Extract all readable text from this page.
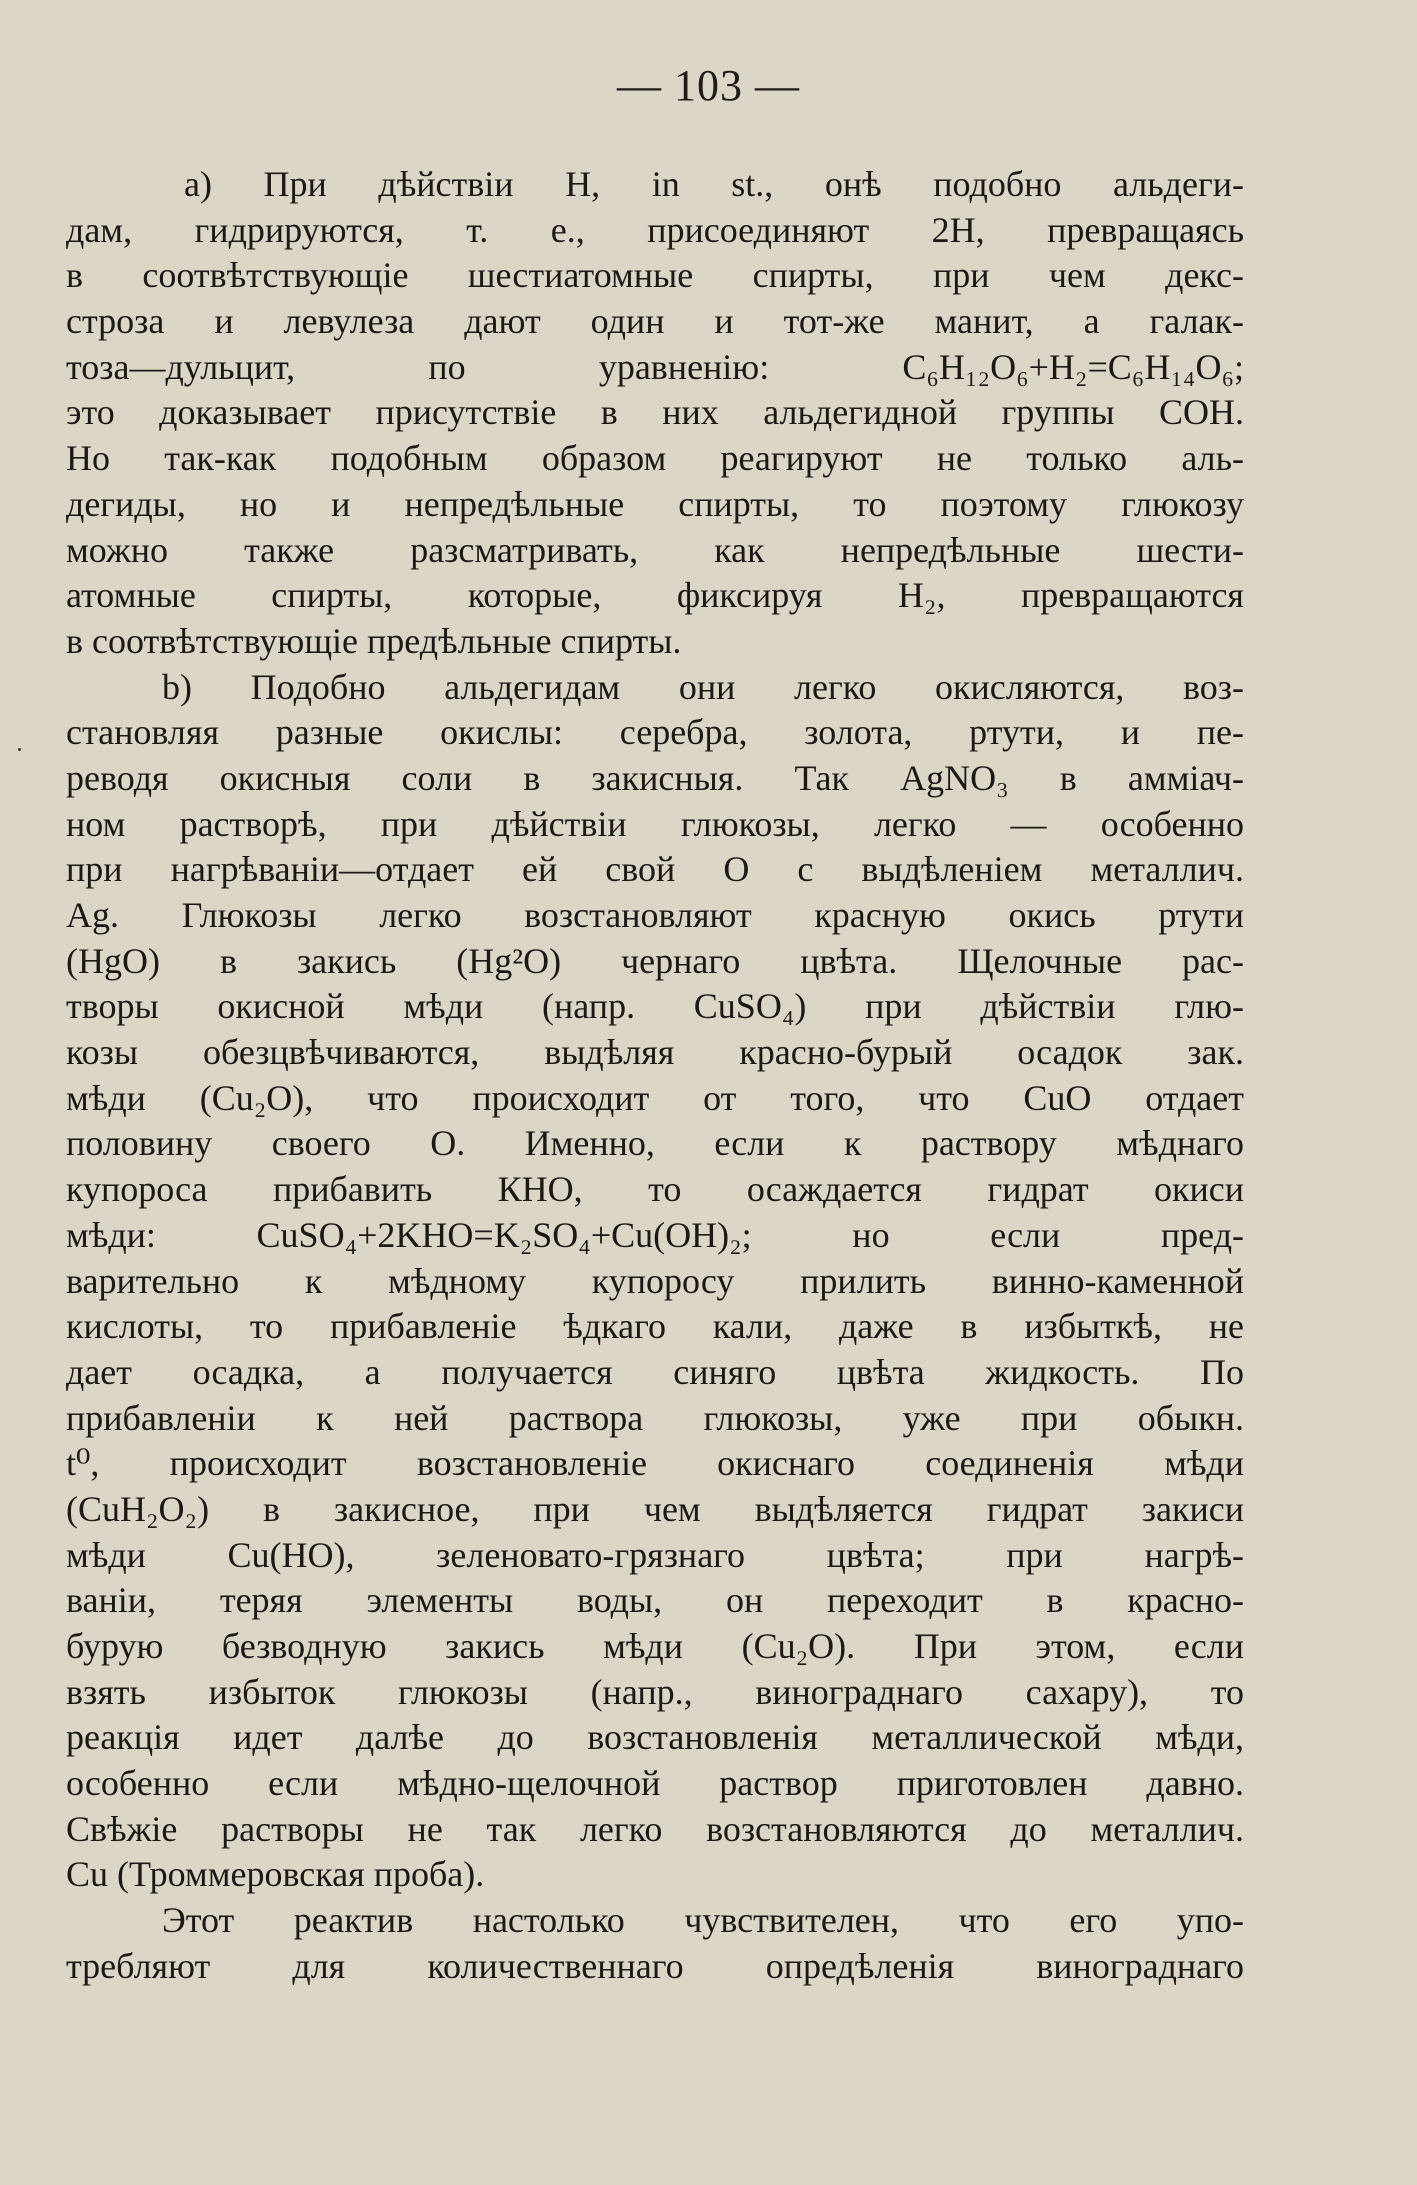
— 103 —
a) При дѣйствіи Н, in st., онѣ подобно альдеги-
дам, гидрируются, т. е., присоединяют 2Н, превращаясь
в соотвѣтствующіе шестиатомные спирты, при чем декс-
строза и левулеза дают один и тот-же манит, а галак-
тоза—дульцит, по уравненію: C₆H₁₂O₆+H₂=C₆H₁₄O₆;
это доказывает присутствіе в них альдегидной группы СОН.
Но так-как подобным образом реагируют не только аль-
дегиды, но и непредѣльные спирты, то поэтому глюкозу
можно также разсматривать, как непредѣльные шести-
атомные спирты, которые, фиксируя Н₂, превращаются
в соотвѣтствующіе предѣльные спирты.
b) Подобно альдегидам они легко окисляются, воз-
становляя разные окислы: серебра, золота, ртути, и пе-
реводя окисныя соли в закисныя. Так AgNO₃ в амміач-
ном растворѣ, при дѣйствіи глюкозы, легко — особенно
при нагрѣваніи—отдает ей свой О с выдѣленіем металлич.
Ag. Глюкозы легко возстановляют красную окись ртути
(HgO) в закись (Hg²O) чернаго цвѣта. Щелочные рас-
творы окисной мѣди (напр. CuSO₄) при дѣйствіи глю-
козы обезцвѣчиваются, выдѣляя красно-бурый осадок зак.
мѣди (Cu₂O), что происходит от того, что CuO отдает
половину своего О. Именно, если к раствору мѣднаго
купороса прибавить КНО, то осаждается гидрат окиси
мѣди: CuSO₄+2KHO=K₂SO₄+Cu(OH)₂; но если пред-
варительно к мѣдному купоросу прилить винно-каменной
кислоты, то прибавленіе ѣдкаго кали, даже в избыткѣ, не
дает осадка, а получается синяго цвѣта жидкость. По
прибавленіи к ней раствора глюкозы, уже при обыкн.
t⁰, происходит возстановленіе окиснаго соединенія мѣди
(CuH₂O₂) в закисное, при чем выдѣляется гидрат закиси
мѣди Cu(HO), зеленовато-грязнаго цвѣта; при нагрѣ-
ваніи, теряя элементы воды, он переходит в красно-
бурую безводную закись мѣди (Cu₂O). При этом, если
взять избыток глюкозы (напр., винограднаго сахару), то
реакція идет далѣе до возстановленія металлической мѣди,
особенно если мѣдно-щелочной раствор приготовлен давно.
Свѣжіе растворы не так легко возстановляются до металлич.
Cu (Троммеровская проба).
Этот реактив настолько чувствителен, что его упо-
требляют для количественнаго опредѣленія винограднаго
